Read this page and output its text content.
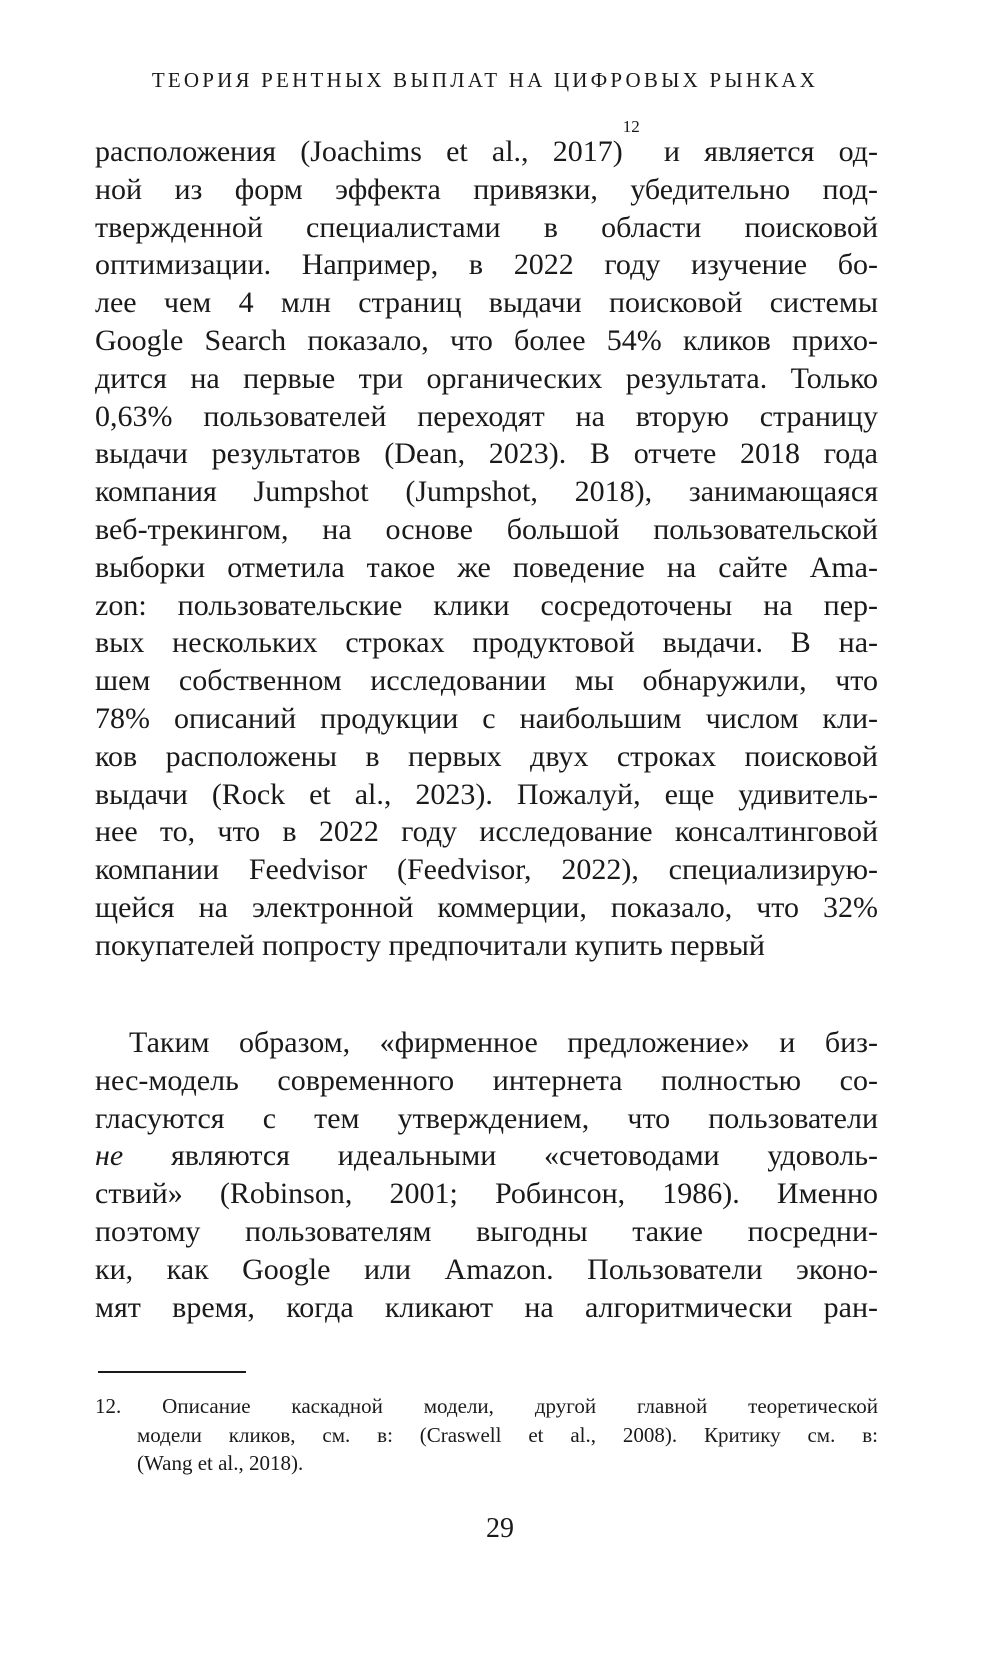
ТЕОРИЯ РЕНТНЫХ ВЫПЛАТ НА ЦИФРОВЫХ РЫНКАХ
расположения (Joachims et al., 2017)$^{12}$ и является од-
ной из форм эффекта привязки, убедительно под-
твержденной специалистами в области поисковой
оптимизации. Например, в 2022 году изучение бо-
лее чем 4 млн страниц выдачи поисковой системы
Google Search показало, что более 54% кликов прихо-
дится на первые три органических результата. Только
0,63% пользователей переходят на вторую страницу
выдачи результатов (Dean, 2023). В отчете 2018 года
компания Jumpshot (Jumpshot, 2018), занимающаяся
веб-трекингом, на основе большой пользовательской
выборки отметила такое же поведение на сайте Ama-
zon: пользовательские клики сосредоточены на пер-
вых нескольких строках продуктовой выдачи. В на-
шем собственном исследовании мы обнаружили, что
78% описаний продукции с наибольшим числом кли-
ков расположены в первых двух строках поисковой
выдачи (Rock et al., 2023). Пожалуй, еще удивитель-
нее то, что в 2022 году исследование консалтинговой
компании Feedvisor (Feedvisor, 2022), специализирую-
щейся на электронной коммерции, показало, что 32%
покупателей попросту предпочитали купить первый
Таким образом, «фирменное предложение» и биз-
нес-модель современного интернета полностью со-
гласуются с тем утверждением, что пользователи
не являются идеальными «счетоводами удоволь-
ствий» (Robinson, 2001; Робинсон, 1986). Именно
поэтому пользователям выгодны такие посредни-
ки, как Google или Amazon. Пользователи эконо-
мят время, когда кликают на алгоритмически ран-
12. Описание каскадной модели, другой главной теоретической
модели кликов, см. в: (Craswell et al., 2008). Критику см. в:
(Wang et al., 2018).
29
